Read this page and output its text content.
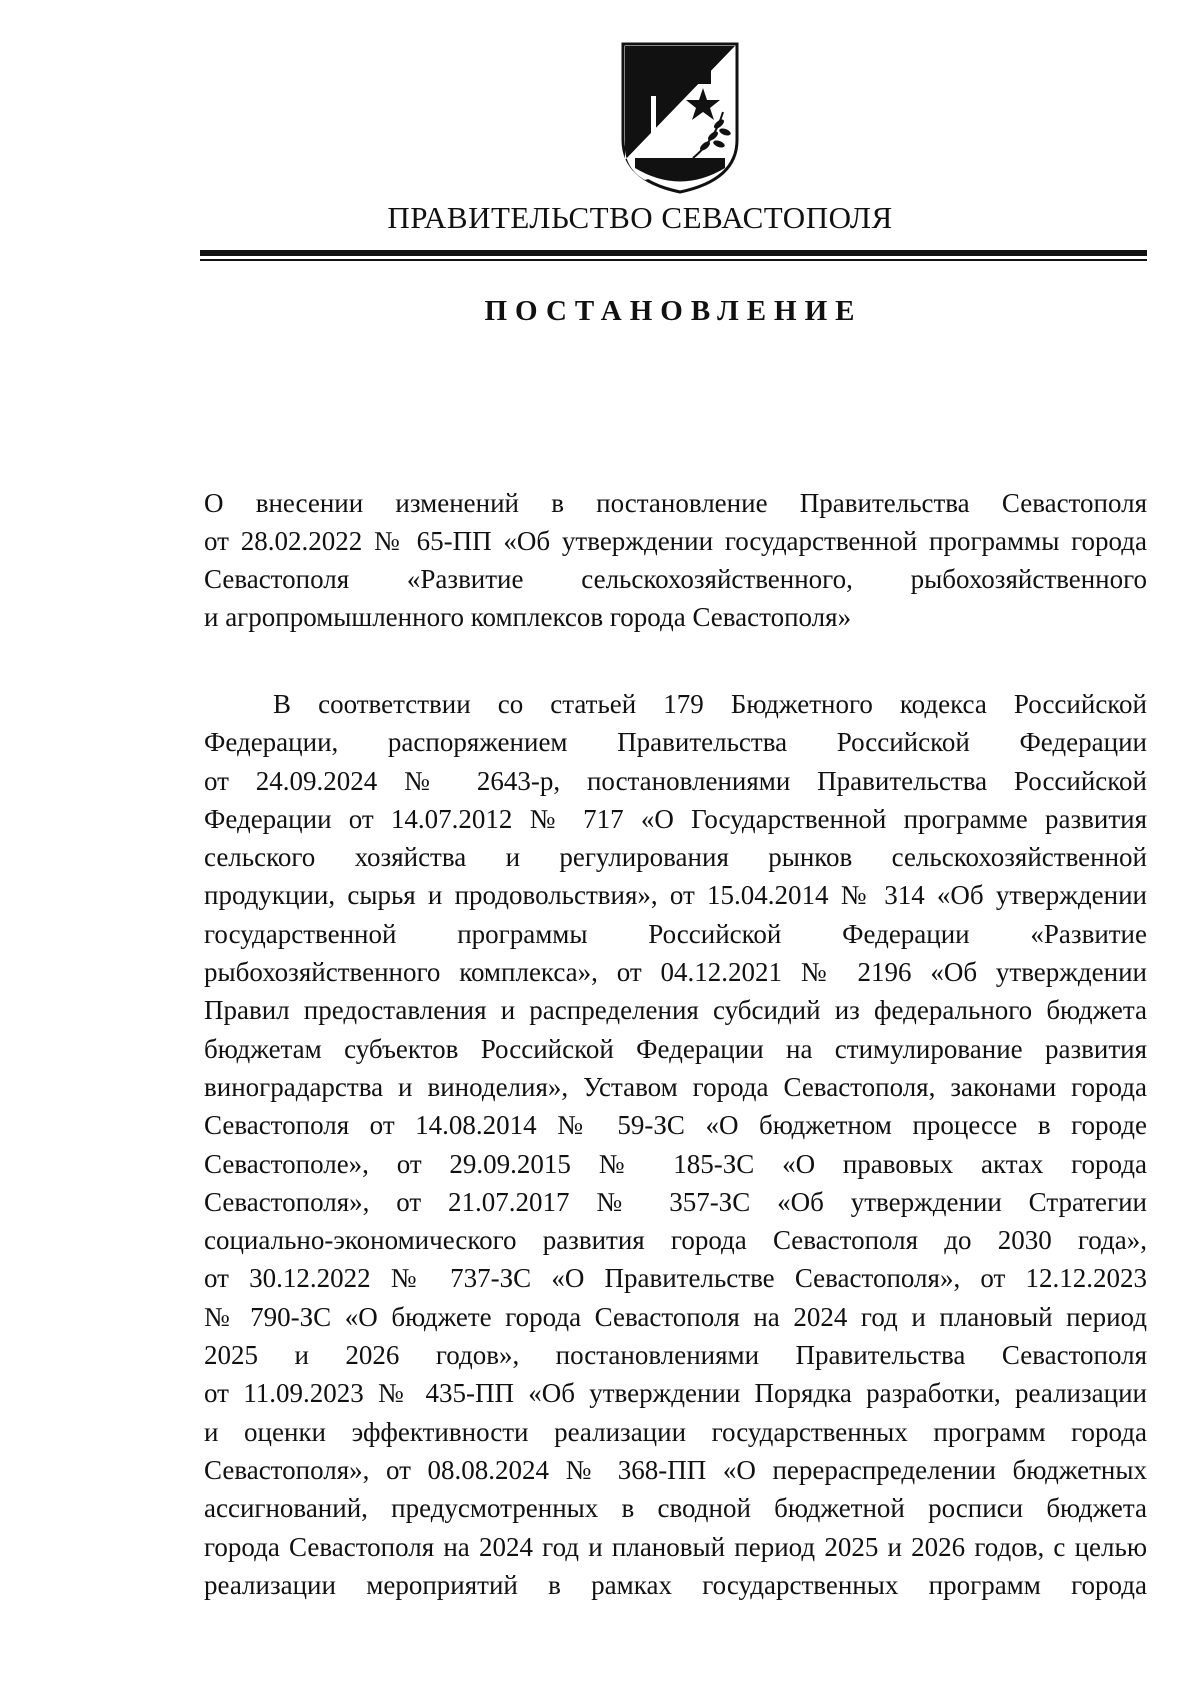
ПРАВИТЕЛЬСТВО СЕВАСТОПОЛЯ
ПОСТАНОВЛЕНИЕ
О внесении изменений в постановление Правительства Севастополя
от 28.02.2022 № 65-ПП «Об утверждении государственной программы города
Севастополя «Развитие сельскохозяйственного, рыбохозяйственного
и агропромышленного комплексов города Севастополя»
В соответствии со статьей 179 Бюджетного кодекса Российской
Федерации, распоряжением Правительства Российской Федерации
от 24.09.2024 № 2643-р, постановлениями Правительства Российской
Федерации от 14.07.2012 № 717 «О Государственной программе развития
сельского хозяйства и регулирования рынков сельскохозяйственной
продукции, сырья и продовольствия», от 15.04.2014 № 314 «Об утверждении
государственной программы Российской Федерации «Развитие
рыбохозяйственного комплекса», от 04.12.2021 № 2196 «Об утверждении
Правил предоставления и распределения субсидий из федерального бюджета
бюджетам субъектов Российской Федерации на стимулирование развития
виноградарства и виноделия», Уставом города Севастополя, законами города
Севастополя от 14.08.2014 № 59-ЗС «О бюджетном процессе в городе
Севастополе», от 29.09.2015 № 185-ЗС «О правовых актах города
Севастополя», от 21.07.2017 № 357-ЗС «Об утверждении Стратегии
социально-экономического развития города Севастополя до 2030 года»,
от 30.12.2022 № 737-ЗС «О Правительстве Севастополя», от 12.12.2023
№ 790-ЗС «О бюджете города Севастополя на 2024 год и плановый период
2025 и 2026 годов», постановлениями Правительства Севастополя
от 11.09.2023 № 435-ПП «Об утверждении Порядка разработки, реализации
и оценки эффективности реализации государственных программ города
Севастополя», от 08.08.2024 № 368-ПП «О перераспределении бюджетных
ассигнований, предусмотренных в сводной бюджетной росписи бюджета
города Севастополя на 2024 год и плановый период 2025 и 2026 годов, с целью
реализации мероприятий в рамках государственных программ города
